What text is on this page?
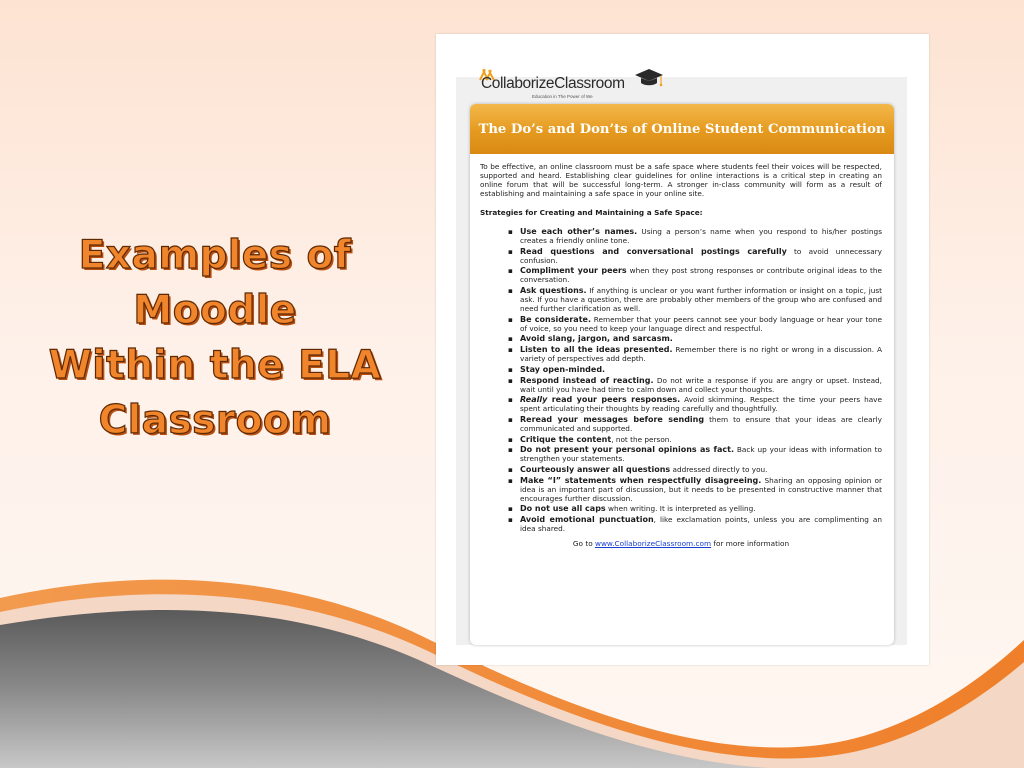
Examples of
Moodle
Within the ELA
Classroom
CollaborizeClassroom
Education in The Power of We
The Do’s and Don’ts of Online Student Communication

To be effective, an online classroom must be a safe space where students feel their voices will be respected, supported and heard. Establishing clear guidelines for online interactions is a critical step in creating an online forum that will be successful long-term. A stronger in-class community will form as a result of establishing and maintaining a safe space in your online site.

Strategies for Creating and Maintaining a Safe Space:
▪ Use each other’s names. Using a person’s name when you respond to his/her postings creates a friendly online tone.
▪ Read questions and conversational postings carefully to avoid unnecessary confusion.
▪ Compliment your peers when they post strong responses or contribute original ideas to the conversation.
▪ Ask questions. If anything is unclear or you want further information or insight on a topic, just ask. If you have a question, there are probably other members of the group who are confused and need further clarification as well.
▪ Be considerate. Remember that your peers cannot see your body language or hear your tone of voice, so you need to keep your language direct and respectful.
▪ Avoid slang, jargon, and sarcasm.
▪ Listen to all the ideas presented. Remember there is no right or wrong in a discussion. A variety of perspectives add depth.
▪ Stay open-minded.
▪ Respond instead of reacting. Do not write a response if you are angry or upset. Instead, wait until you have had time to calm down and collect your thoughts.
▪ Really read your peers responses. Avoid skimming. Respect the time your peers have spent articulating their thoughts by reading carefully and thoughtfully.
▪ Reread your messages before sending them to ensure that your ideas are clearly communicated and supported.
▪ Critique the content, not the person.
▪ Do not present your personal opinions as fact. Back up your ideas with information to strengthen your statements.
▪ Courteously answer all questions addressed directly to you.
▪ Make “I” statements when respectfully disagreeing. Sharing an opposing opinion or idea is an important part of discussion, but it needs to be presented in constructive manner that encourages further discussion.
▪ Do not use all caps when writing. It is interpreted as yelling.
▪ Avoid emotional punctuation, like exclamation points, unless you are complimenting an idea shared.
Go to www.CollaborizeClassroom.com for more information
